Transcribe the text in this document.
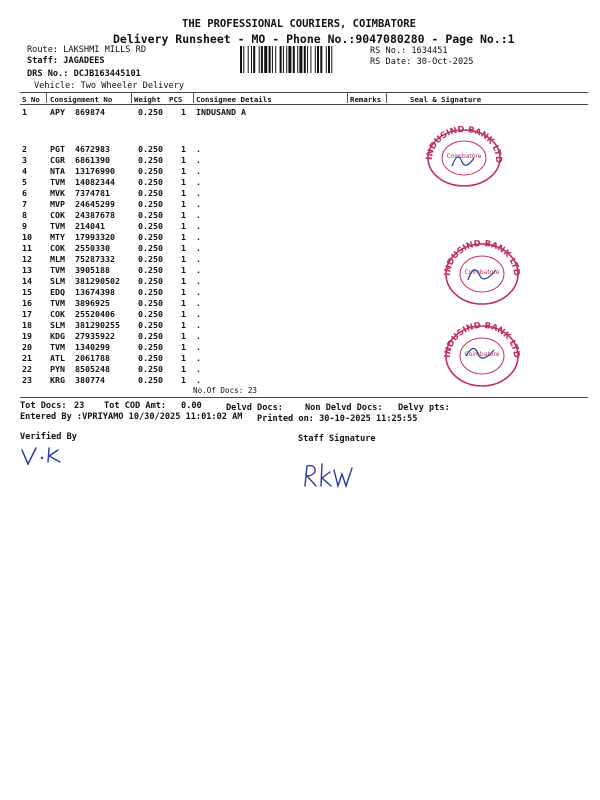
THE PROFESSIONAL COURIERS, COIMBATORE
Delivery Runsheet - MO - Phone No.:9047080280 - Page No.:1
Route: LAKSHMI MILLS RD
Staff: JAGADEES
DRS No.: DCJB163445101
Vehicle: Two Wheeler Delivery
RS No.: 1634451
RS Date: 30-Oct-2025
S No Consignment No	Weight PCS Consignee Details	Remarks	Seal & Signature
1	APY 869874	0.250 1 INDUSAND A
2	PGT 4672983	0.250 1 .
3	CGR 6861390	0.250 1 .
4	NTA 13176990	0.250 1 .
5	TVM 14082344	0.250 1 .
6	MVK 7374781	0.250 1 .
7	MVP 24645299	0.250 1 .
8	COK 24387678	0.250 1 .
9	TVM 214041	0.250 1 .
10 MTY 17993320	0.250 1 .
11 COK 2550330	0.250 1 .
12 MLM 75287332	0.250 1 .
13 TVM 3905188	0.250 1 .
14 SLM 381290502 0.250 1 .
15 EDQ 13674398	0.250 1 .
16 TVM 3896925	0.250 1 .
17 COK 25520406	0.250 1 .
18 SLM 381290255 0.250 1 .
19 KDG 27935922	0.250 1 .
20 TVM 1340299	0.250 1 .
21 ATL 2061788	0.250 1 .
22 PYN 8505248	0.250 1 .
23 KRG 380774	0.250 1 .
No.Of Docs: 23
Tot Docs: 23 Tot COD Amt: 0.00	Delvd Docs:	Non Delvd Docs: Delvy pts:
Entered By :VPRIYAMO 10/30/2025 11:01:02 AM Printed on: 30-10-2025 11:25:55
Verified By	Staff Signature
INDUSIND BANK LTD
Coimbatore
INDUSIND BANK LTD
Coimbatore
INDUSIND BANK LTD
Coimbatore
